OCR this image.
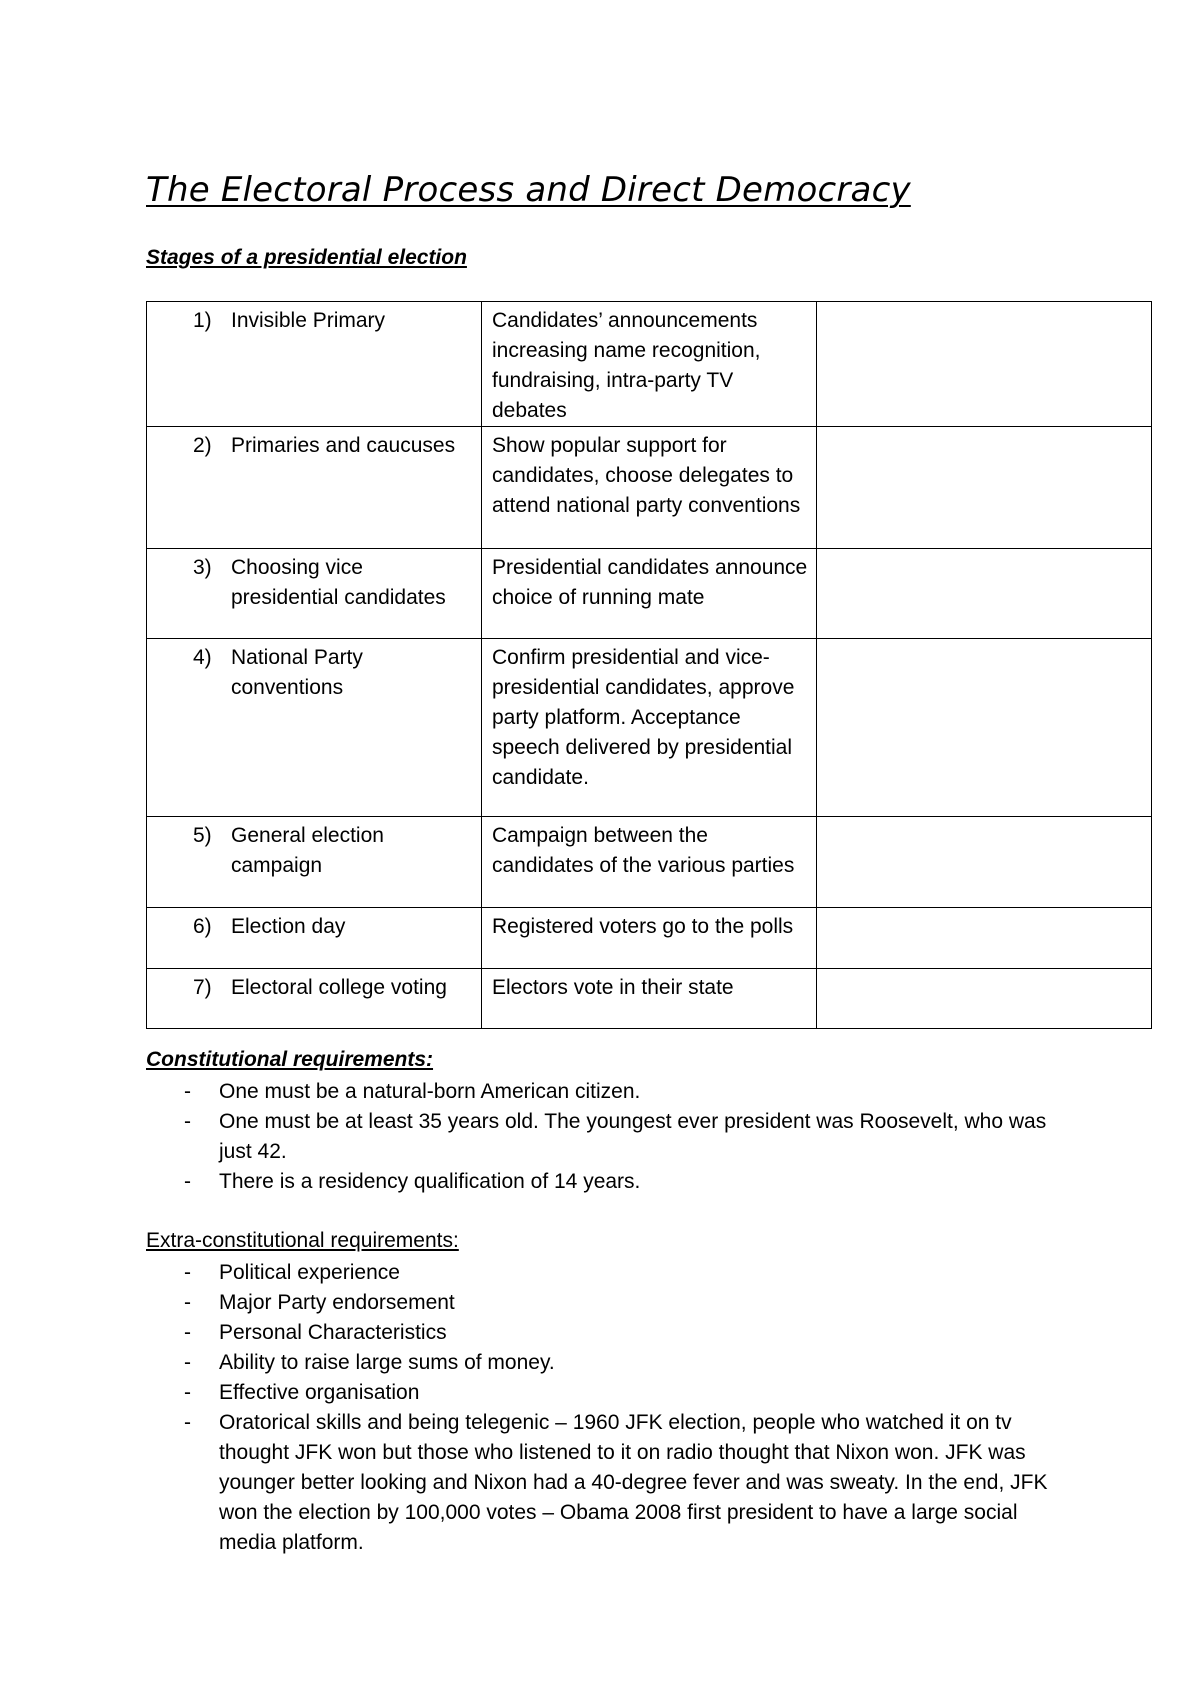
The Electoral Process and Direct Democracy
Stages of a presidential election
1) Invisible Primary	Candidates’ announcements increasing name recognition, fundraising, intra-party TV debates	

2) Primaries and caucuses	Show popular support for candidates, choose delegates to attend national party conventions	

3) Choosing vice presidential candidates	Presidential candidates announce choice of running mate	

4) National Party conventions	Confirm presidential and vice-presidential candidates, approve party platform. Acceptance speech delivered by presidential candidate.	

5) General election campaign	Campaign between the candidates of the various parties	

6) Election day	Registered voters go to the polls	

7) Electoral college voting	Electors vote in their state	
Constitutional requirements:
- One must be a natural-born American citizen.
- One must be at least 35 years old. The youngest ever president was Roosevelt, who was just 42.
- There is a residency qualification of 14 years.
Extra-constitutional requirements:
- Political experience
- Major Party endorsement
- Personal Characteristics
- Ability to raise large sums of money.
- Effective organisation
- Oratorical skills and being telegenic – 1960 JFK election, people who watched it on tv thought JFK won but those who listened to it on radio thought that Nixon won. JFK was younger better looking and Nixon had a 40-degree fever and was sweaty. In the end, JFK won the election by 100,000 votes – Obama 2008 first president to have a large social media platform.
